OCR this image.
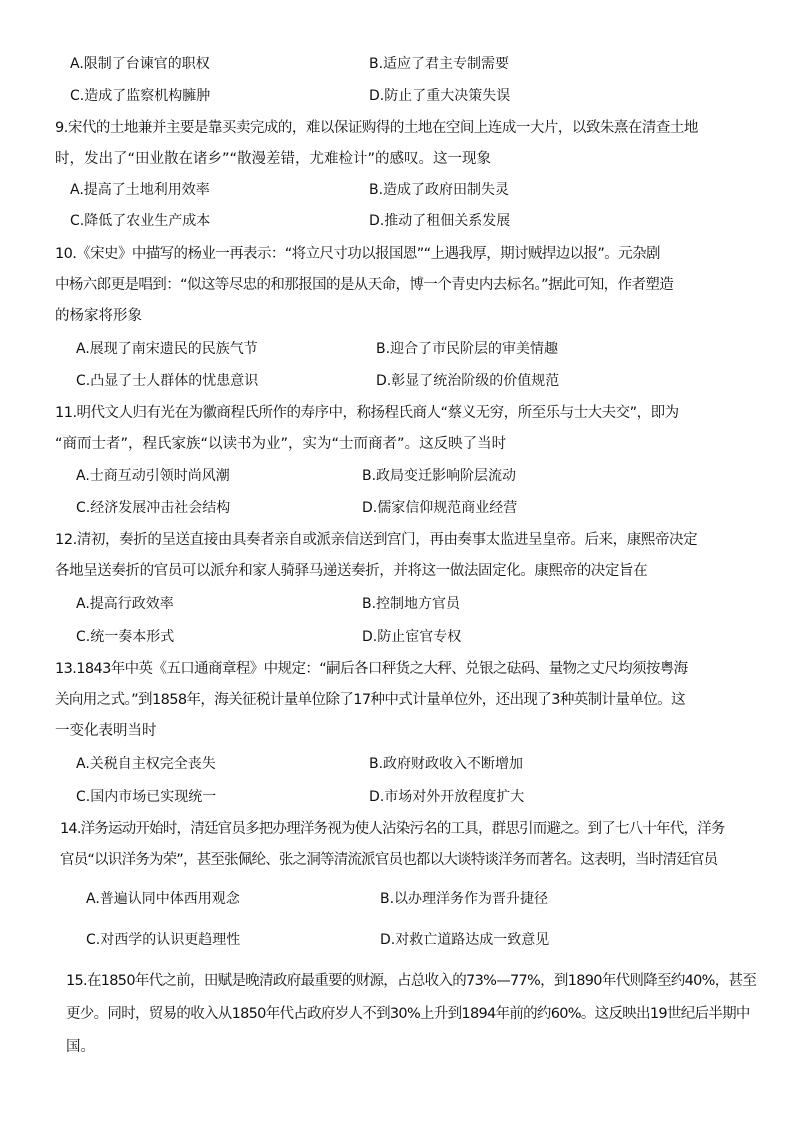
A.限制了台谏官的职权	B.适应了君主专制需要
C.造成了监察机构臃肿	D.防止了重大决策失误
9.宋代的土地兼并主要是靠买卖完成的，难以保证购得的土地在空间上连成一大片，以致朱熹在清查土地
时，发出了“田业散在诸乡”“散漫差错，尤难检计”的感叹。这一现象
A.提高了土地利用效率	B.造成了政府田制失灵
C.降低了农业生产成本	D.推动了租佃关系发展
10.《宋史》中描写的杨业一再表示：“将立尺寸功以报国恩”“上遇我厚，期讨贼捍边以报”。元杂剧
中杨六郎更是唱到：“似这等尽忠的和那报国的是从天命，博一个青史内去标名。”据此可知，作者塑造
的杨家将形象
A.展现了南宋遗民的民族气节	B.迎合了市民阶层的审美情趣
C.凸显了士人群体的忧患意识	D.彰显了统治阶级的价值规范
11.明代文人归有光在为徽商程氏所作的寿序中，称扬程氏商人“蔡义无穷，所至乐与士大夫交”，即为
“商而士者”，程氏家族“以读书为业”，实为“士而商者”。这反映了当时
A.士商互动引领时尚风潮	B.政局变迁影响阶层流动
C.经济发展冲击社会结构	D.儒家信仰规范商业经营
12.清初，奏折的呈送直接由具奏者亲自或派亲信送到宫门，再由奏事太监进呈皇帝。后来，康熙帝决定
各地呈送奏折的官员可以派弁和家人骑驿马递送奏折，并将这一做法固定化。康熙帝的决定旨在
A.提高行政效率	B.控制地方官员
C.统一奏本形式	D.防止宦官专权
13.1843年中英《五口通商章程》中规定：“嗣后各口秤货之大秤、兑银之砝码、量物之丈尺均须按粤海
关向用之式。”到1858年，海关征税计量单位除了17种中式计量单位外，还出现了3种英制计量单位。这
一变化表明当时
A.关税自主权完全丧失	B.政府财政收入不断增加
C.国内市场已实现统一	D.市场对外开放程度扩大
14.洋务运动开始时，清廷官员多把办理洋务视为使人沾染污名的工具，群思引而避之。到了七八十年代，洋务
官员“以识洋务为荣”，甚至张佩纶、张之洞等清流派官员也都以大谈特谈洋务而著名。这表明，当时清廷官员
A.普遍认同中体西用观念	B.以办理洋务作为晋升捷径
C.对西学的认识更趋理性	D.对救亡道路达成一致意见
15.在1850年代之前，田赋是晚清政府最重要的财源，占总收入的73%—77%，到1890年代则降至约40%，甚至
更少。同时，贸易的收入从1850年代占政府岁人不到30%上升到1894年前的约60%。这反映出19世纪后半期中
国。
